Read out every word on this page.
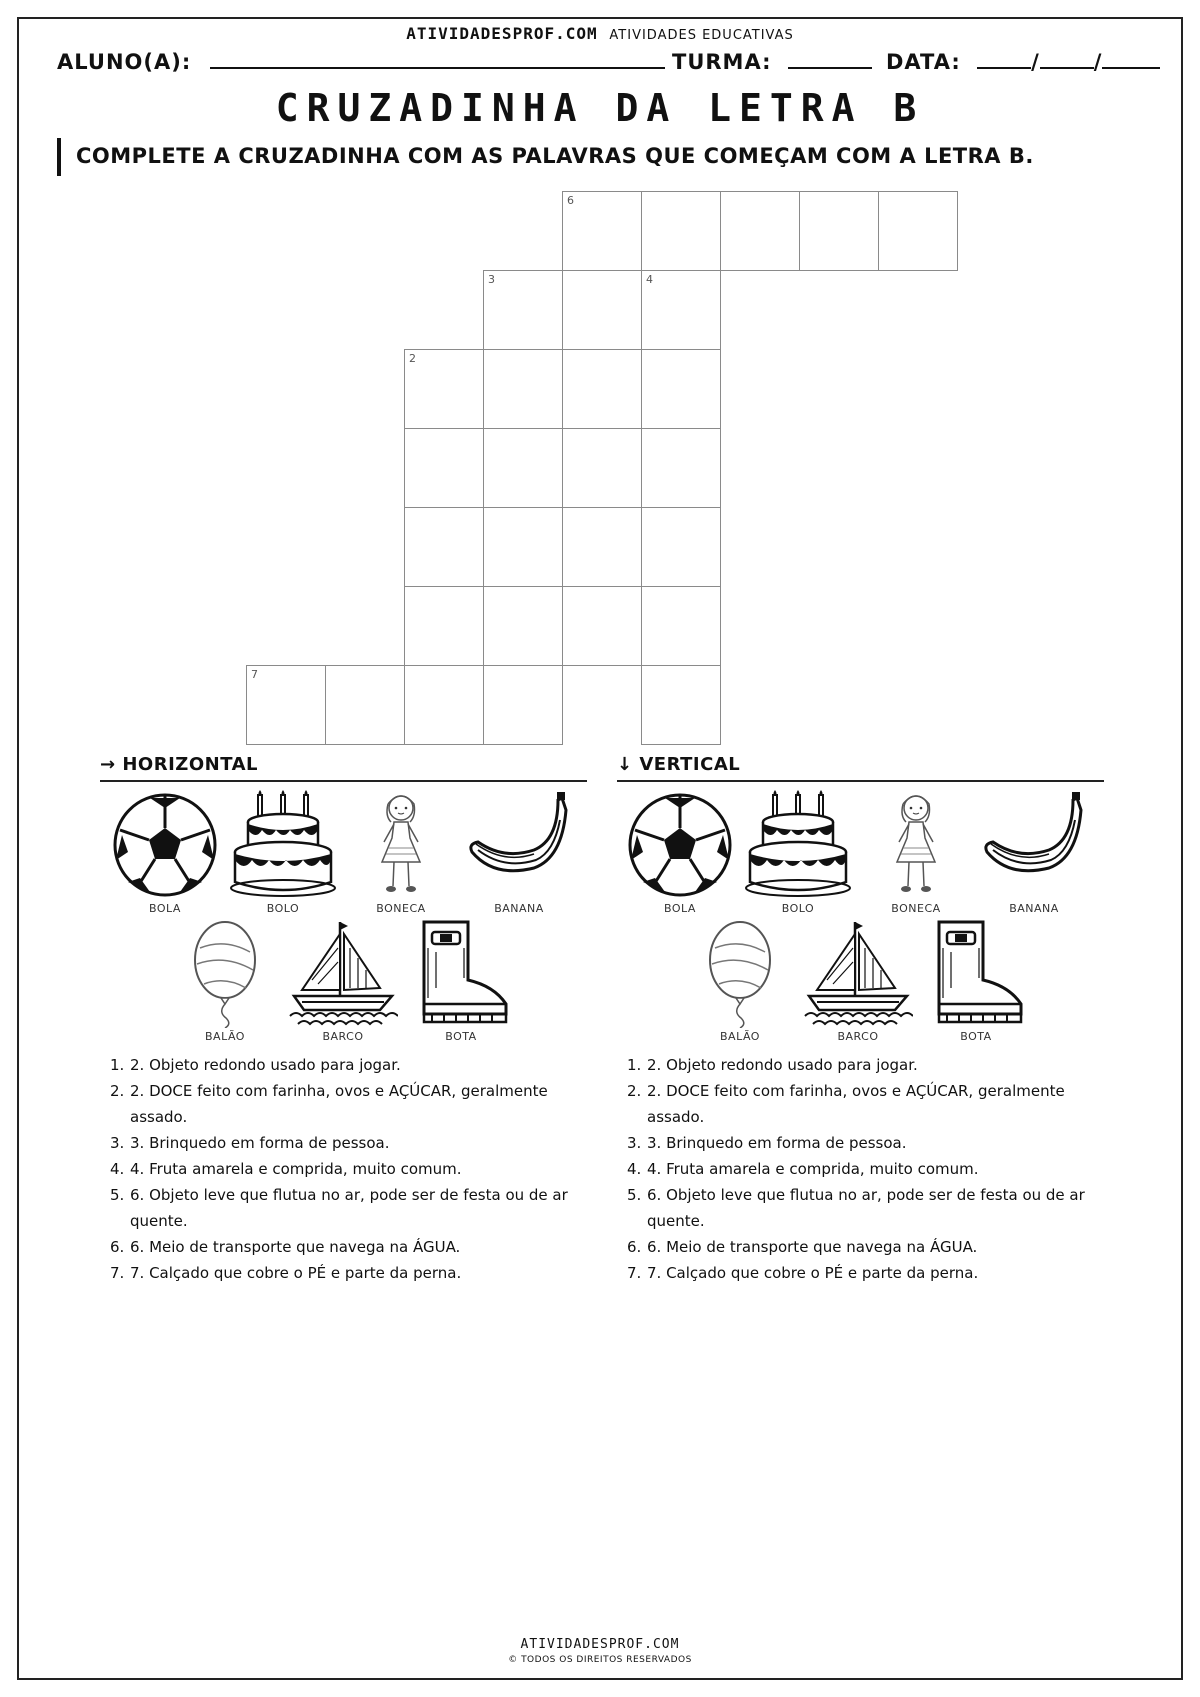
ATIVIDADESPROF.COM ATIVIDADES EDUCATIVAS
ALUNO(A):	TURMA:	DATA:	/	/
CRUZADINHA DA LETRA B
COMPLETE A CRUZADINHA COM AS PALAVRAS QUE COMEÇAM COM A LETRA B.
6
3	4
2
7
→ HORIZONTAL	↓ VERTICAL
BOLA	BOLO	BONECA	BANANA
BALÃO	BARCO	BOTA
BOLA	BOLO	BONECA	BANANA
BALÃO	BARCO	BOTA
1. 2. Objeto redondo usado para jogar.
2. 2. DOCE feito com farinha, ovos e AÇÚCAR, geralmente assado.
3. 3. Brinquedo em forma de pessoa.
4. 4. Fruta amarela e comprida, muito comum.
5. 6. Objeto leve que flutua no ar, pode ser de festa ou de ar quente.
6. 6. Meio de transporte que navega na ÁGUA.
7. 7. Calçado que cobre o PÉ e parte da perna.
1. 2. Objeto redondo usado para jogar.
2. 2. DOCE feito com farinha, ovos e AÇÚCAR, geralmente assado.
3. 3. Brinquedo em forma de pessoa.
4. 4. Fruta amarela e comprida, muito comum.
5. 6. Objeto leve que flutua no ar, pode ser de festa ou de ar quente.
6. 6. Meio de transporte que navega na ÁGUA.
7. 7. Calçado que cobre o PÉ e parte da perna.
ATIVIDADESPROF.COM
© TODOS OS DIREITOS RESERVADOS
